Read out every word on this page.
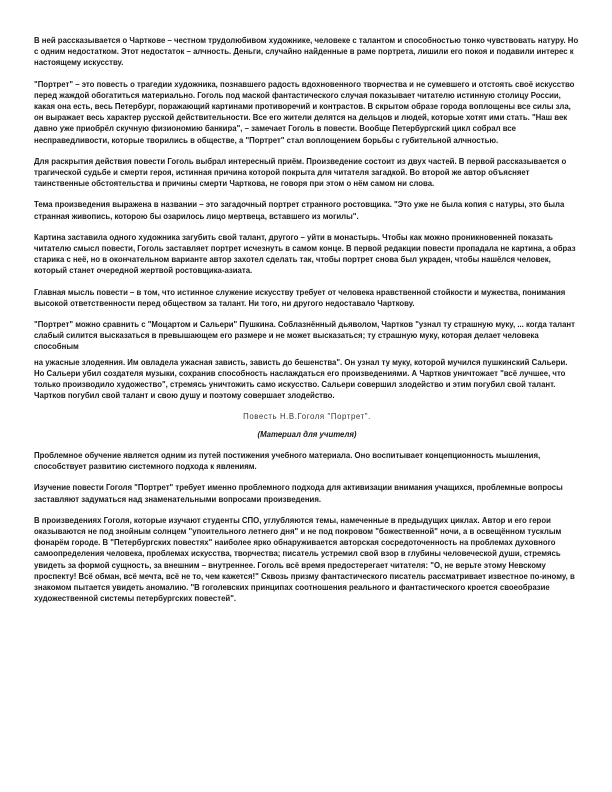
В ней рассказывается о Чарткове – честном трудолюбивом художнике, человеке с талантом и способностью тонко чувствовать натуру. Но с одним недостатком. Этот недостаток – алчность. Деньги, случайно найденные в раме портрета, лишили его покоя и подавили интерес к настоящему искусству.

"Портрет" – это повесть о трагедии художника, познавшего радость вдохновенного творчества и не сумевшего и отстоять своё искусство перед жаждой обогатиться материально. Гоголь под маской фантастического случая показывает читателю истинную столицу России, какая она есть, весь Петербург, поражающий картинами противоречий и контрастов. В скрытом образе города воплощены все силы зла, он выражает весь характер русской действительности. Все его жители делятся на дельцов и людей, которые хотят ими стать. "Наш век давно уже приобрёл скучную физиономию банкира", – замечает Гоголь в повести. Вообще Петербургский цикл собрал все несправедливости, которые творились в обществе, а "Портрет" стал воплощением борьбы с губительной алчностью.

Для раскрытия действия повести Гоголь выбрал интересный приём. Произведение состоит из двух частей. В первой рассказывается о трагической судьбе и смерти героя, истинная причина которой покрыта для читателя загадкой. Во второй же автор объясняет таинственные обстоятельства и причины смерти Чарткова, не говоря при этом о нём самом ни слова.

Тема произведения выражена в названии – это загадочный портрет странного ростовщика. "Это уже не была копия с натуры, это была странная живопись, которою бы озарилось лицо мертвеца, вставшего из могилы".

Картина заставила одного художника загубить свой талант, другого – уйти в монастырь. Чтобы как можно проникновенней показать читателю смысл повести, Гоголь заставляет портрет исчезнуть в самом конце. В первой редакции повести пропадала не картина, а образ старика с неё, но в окончательном варианте автор захотел сделать так, чтобы портрет снова был украден, чтобы нашёлся человек, который станет очередной жертвой ростовщика-азиата.

Главная мысль повести – в том, что истинное служение искусству требует от человека нравственной стойкости и мужества, понимания высокой ответственности перед обществом за талант. Ни того, ни другого недоставало Чарткову.

"Портрет" можно сравнить с "Моцартом и Сальери" Пушкина. Соблазнённый дьяволом, Чартков "узнал ту страшную муку, ... когда талант слабый силится высказаться в превышающем его размере и не может высказаться; ту страшную муку, которая делает человека способным

на ужасные злодеяния. Им овладела ужасная зависть, зависть до бешенства". Он узнал ту муку, которой мучился пушкинский Сальери. Но Сальери убил создателя музыки, сохранив способность наслаждаться его произведениями. А Чартков уничтожает "всё лучшее, что только производило художество", стремясь уничтожить само искусство. Сальери совершил злодейство и этим погубил свой талант. Чартков погубил свой талант и свою душу и поэтому совершает злодейство.

Повесть Н.В.Гоголя "Портрет".
(Материал для учителя)

Проблемное обучение является одним из путей постижения учебного материала. Оно воспитывает концепционность мышления, способствует развитию системного подхода к явлениям.

Изучение повести Гоголя "Портрет" требует именно проблемного подхода для активизации внимания учащихся, проблемные вопросы заставляют задуматься над знаменательными вопросами произведения.

В произведениях Гоголя, которые изучают студенты СПО, углубляются темы, намеченные в предыдущих циклах. Автор и его герои оказываются не под знойным солнцем "упоительного летнего дня" и не под покровом "божественной" ночи, а в освещённом тусклым фонарём городе. В "Петербургских повестях" наиболее ярко обнаруживается авторская сосредоточенность на проблемах духовного самоопределения человека, проблемах искусства, творчества; писатель устремил свой взор в глубины человеческой души, стремясь увидеть за формой сущность, за внешним – внутреннее. Гоголь всё время предостерегает читателя: "О, не верьте этому Невскому проспекту! Всё обман, всё мечта, всё не то, чем кажется!" Сквозь призму фантастического писатель рассматривает известное по-иному, в знакомом пытается увидеть аномалию. "В гоголевских принципах соотношения реального и фантастического кроется своеобразие художественной системы петербургских повестей".
